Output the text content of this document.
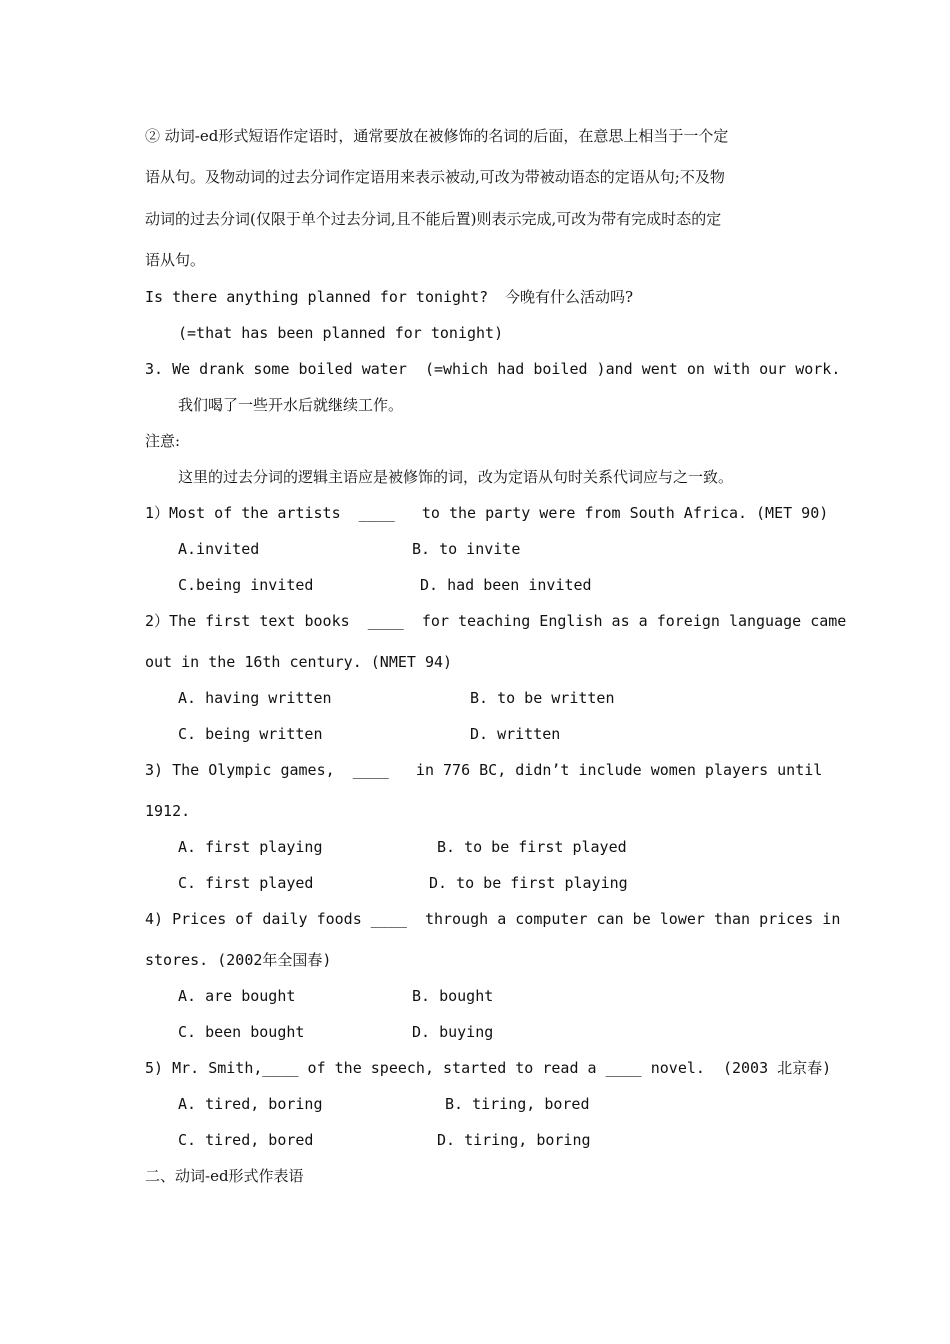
② 动词-ed形式短语作定语时，通常要放在被修饰的名词的后面，在意思上相当于一个定
语从句。及物动词的过去分词作定语用来表示被动,可改为带被动语态的定语从句;不及物
动词的过去分词(仅限于单个过去分词,且不能后置)则表示完成,可改为带有完成时态的定
语从句。
Is there anything planned for tonight? 今晚有什么活动吗?
(=that has been planned for tonight)
3. We drank some boiled water  (=which had boiled )and went on with our work.
我们喝了一些开水后就继续工作。
注意:
这里的过去分词的逻辑主语应是被修饰的词，改为定语从句时关系代词应与之一致。
1）Most of the artists  ____   to the party were from South Africa. (MET 90)
A.invited	B. to invite
C.being invited	D. had been invited
2）The first text books  ____  for teaching English as a foreign language came
out in the 16th century. (NMET 94)
A. having written	B. to be written
C. being written	D. written
3) The Olympic games,  ____   in 776 BC, didn’t include women players until
1912.
A. first playing	B. to be first played
C. first played	D. to be first playing
4) Prices of daily foods ____  through a computer can be lower than prices in
stores. (2002年全国春)
A. are bought	B. bought
C. been bought	D. buying
5) Mr. Smith,____ of the speech, started to read a ____ novel.  (2003 北京春)
A. tired, boring	B. tiring, bored
C. tired, bored	D. tiring, boring
二、动词-ed形式作表语
